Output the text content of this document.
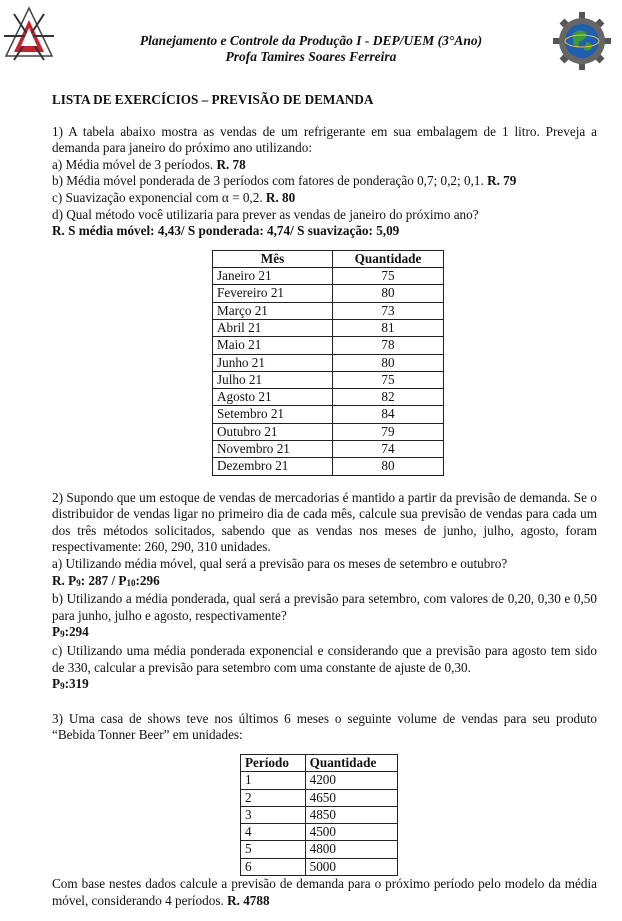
Planejamento e Controle da Produção I - DEP/UEM (3°Ano)
Profa Tamires Soares Ferreira

LISTA DE EXERCÍCIOS – PREVISÃO DE DEMANDA

1) A tabela abaixo mostra as vendas de um refrigerante em sua embalagem de 1 litro. Preveja a demanda para janeiro do próximo ano utilizando:

a) Média móvel de 3 períodos. R. 78

b) Média móvel ponderada de 3 períodos com fatores de ponderação 0,7; 0,2; 0,1. R. 79

c) Suavização exponencial com α = 0,2. R. 80

d) Qual método você utilizaria para prever as vendas de janeiro do próximo ano?

R. S média móvel: 4,43/ S ponderada: 4,74/ S suavização: 5,09

Mês	Quantidade
Janeiro 21	75
Fevereiro 21	80
Março 21	73
Abril 21	81
Maio 21	78
Junho 21	80
Julho 21	75
Agosto 21	82
Setembro 21	84
Outubro 21	79
Novembro 21	74
Dezembro 21	80

2) Supondo que um estoque de vendas de mercadorias é mantido a partir da previsão de demanda. Se o distribuidor de vendas ligar no primeiro dia de cada mês, calcule sua previsão de vendas para cada um dos três métodos solicitados, sabendo que as vendas nos meses de junho, julho, agosto, foram respectivamente: 260, 290, 310 unidades.

a) Utilizando média móvel, qual será a previsão para os meses de setembro e outubro?

R. $P_9$: $287 / P_{10}:296$

b) Utilizando a média ponderada, qual será a previsão para setembro, com valores de 0,20, 0,30 e 0,50 para junho, julho e agosto, respectivamente?

$P_9:294$

c) Utilizando uma média ponderada exponencial e considerando que a previsão para agosto tem sido de 330, calcular a previsão para setembro com uma constante de ajuste de 0,30.

$P_9:319$

3) Uma casa de shows teve nos últimos 6 meses o seguinte volume de vendas para seu produto “Bebida Tonner Beer” em unidades:

Período	Quantidade
1	4200
2	4650
3	4850
4	4500
5	4800
6	5000

Com base nestes dados calcule a previsão de demanda para o próximo período pelo modelo da média móvel, considerando 4 períodos. R. 4788
